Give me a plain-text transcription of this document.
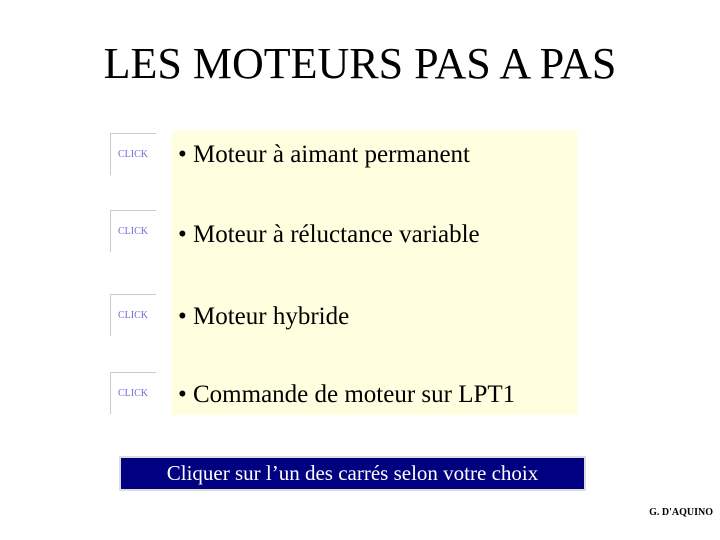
LES MOTEURS PAS A PAS
CLICK	• Moteur à aimant permanent
CLICK	• Moteur à réluctance variable
CLICK	• Moteur hybride
CLICK	• Commande de moteur sur LPT1
Cliquer sur l’un des carrés selon votre choix
G. D'AQUINO
